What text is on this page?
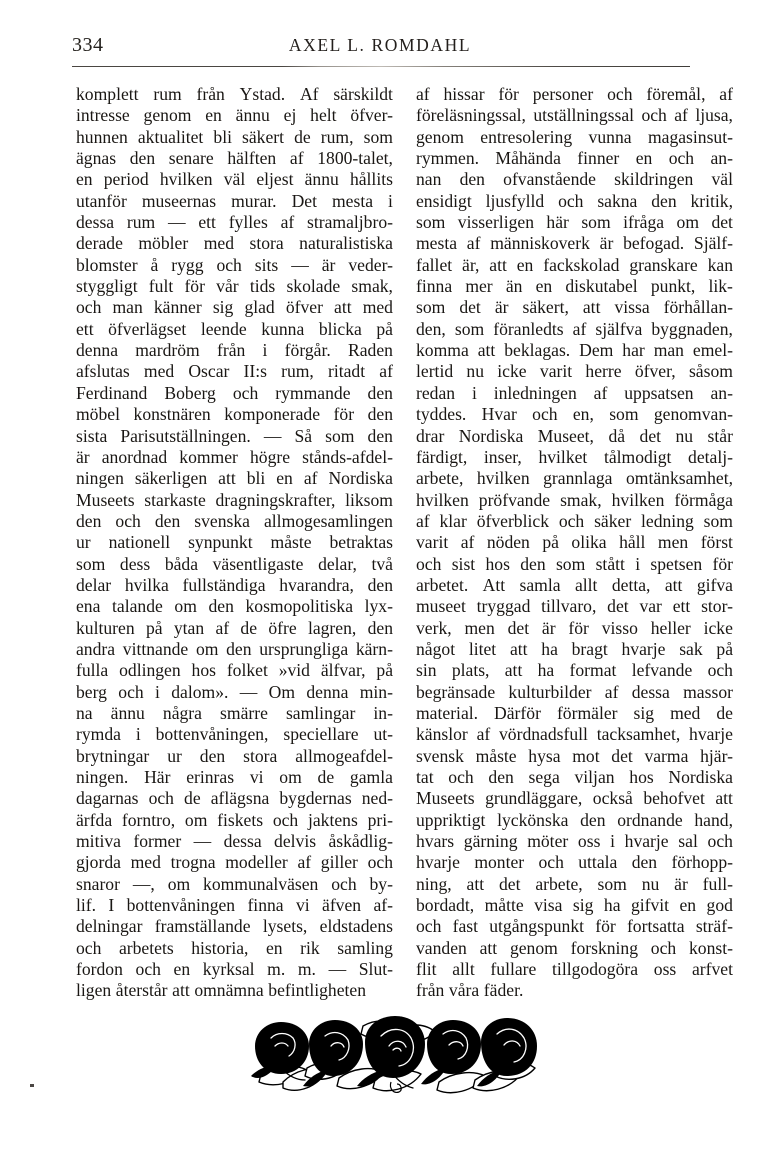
334	AXEL L. ROMDAHL

komplett rum från Ystad. Af särskildt
intresse genom en ännu ej helt öfver-
hunnen aktualitet bli säkert de rum, som
ägnas den senare hälften af 1800-talet,
en period hvilken väl eljest ännu hållits
utanför museernas murar. Det mesta i
dessa rum — ett fylles af stramaljbro-
derade möbler med stora naturalistiska
blomster å rygg och sits — är veder-
styggligt fult för vår tids skolade smak,
och man känner sig glad öfver att med
ett öfverlägset leende kunna blicka på
denna mardröm från i förgår. Raden
afslutas med Oscar II:s rum, ritadt af
Ferdinand Boberg och rymmande den
möbel konstnären komponerade för den
sista Parisutställningen. — Så som den
är anordnad kommer högre stånds-afdel-
ningen säkerligen att bli en af Nordiska
Museets starkaste dragningskrafter, liksom
den och den svenska allmogesamlingen
ur nationell synpunkt måste betraktas
som dess båda väsentligaste delar, två
delar hvilka fullständiga hvarandra, den
ena talande om den kosmopolitiska lyx-
kulturen på ytan af de öfre lagren, den
andra vittnande om den ursprungliga kärn-
fulla odlingen hos folket »vid älfvar, på
berg och i dalom». — Om denna min-
na ännu några smärre samlingar in-
rymda i bottenvåningen, speciellare ut-
brytningar ur den stora allmogeafdel-
ningen. Här erinras vi om de gamla
dagarnas och de aflägsna bygdernas ned-
ärfda forntro, om fiskets och jaktens pri-
mitiva former — dessa delvis åskådlig-
gjorda med trogna modeller af giller och
snaror —, om kommunalväsen och by-
lif. I bottenvåningen finna vi äfven af-
delningar framställande lysets, eldstadens
och arbetets historia, en rik samling
fordon och en kyrksal m. m. — Slut-
ligen återstår att omnämna befintligheten

af hissar för personer och föremål, af
föreläsningssal, utställningssal och af ljusa,
genom entresolering vunna magasinsut-
rymmen. Måhända finner en och an-
nan den ofvanstående skildringen väl
ensidigt ljusfylld och sakna den kritik,
som visserligen här som ifråga om det
mesta af människoverk är befogad. Själf-
fallet är, att en fackskolad granskare kan
finna mer än en diskutabel punkt, lik-
som det är säkert, att vissa förhållan-
den, som föranledts af själfva byggnaden,
komma att beklagas. Dem har man emel-
lertid nu icke varit herre öfver, såsom
redan i inledningen af uppsatsen an-
tyddes. Hvar och en, som genomvan-
drar Nordiska Museet, då det nu står
färdigt, inser, hvilket tålmodigt detalj-
arbete, hvilken grannlaga omtänksamhet,
hvilken pröfvande smak, hvilken förmåga
af klar öfverblick och säker ledning som
varit af nöden på olika håll men först
och sist hos den som stått i spetsen för
arbetet. Att samla allt detta, att gifva
museet tryggad tillvaro, det var ett stor-
verk, men det är för visso heller icke
något litet att ha bragt hvarje sak på
sin plats, att ha format lefvande och
begränsade kulturbilder af dessa massor
material. Därför förmäler sig med de
känslor af vördnadsfull tacksamhet, hvarje
svensk måste hysa mot det varma hjär-
tat och den sega viljan hos Nordiska
Museets grundläggare, också behofvet att
uppriktigt lyckönska den ordnande hand,
hvars gärning möter oss i hvarje sal och
hvarje monter och uttala den förhopp-
ning, att det arbete, som nu är full-
bordadt, måtte visa sig ha gifvit en god
och fast utgångspunkt för fortsatta sträf-
vanden att genom forskning och konst-
flit allt fullare tillgodogöra oss arfvet
från våra fäder.
